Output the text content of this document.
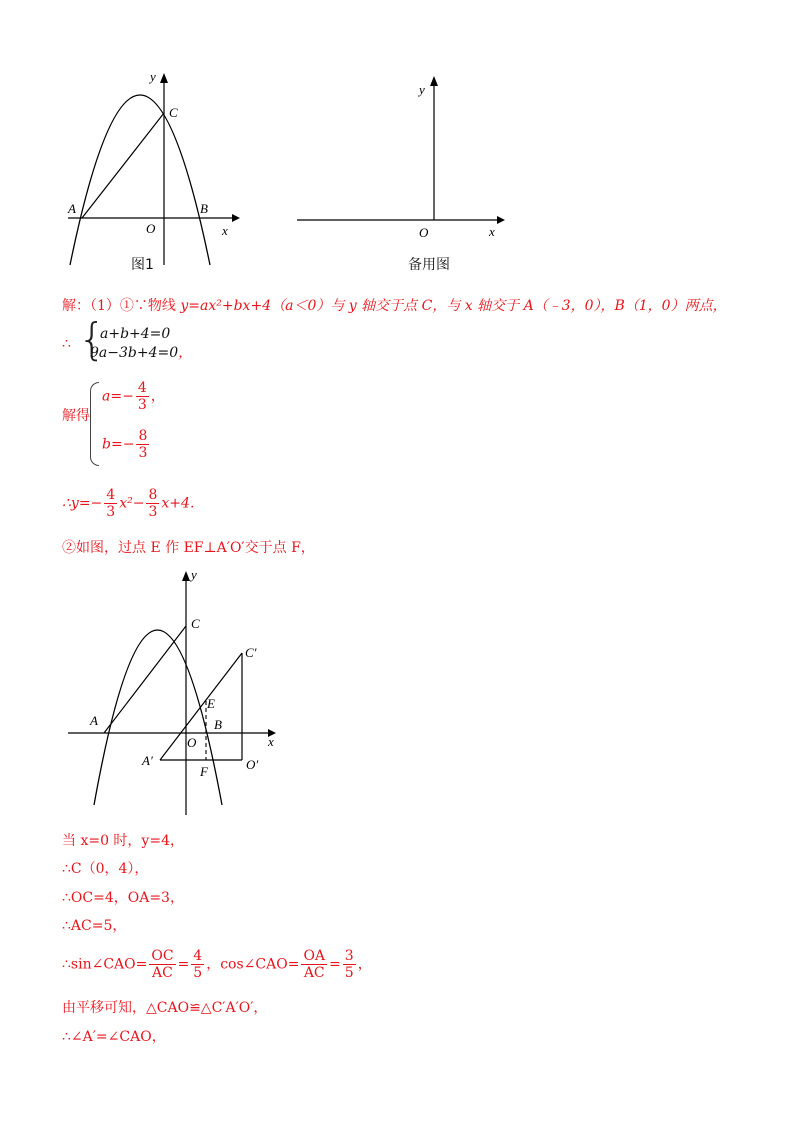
y
C
A	B
O	x
图1
y
O	x
备用图
解：（1）①∵物线 y=ax²+bx+4（a＜0）与 y 轴交于点 C，与 x 轴交于 A（﹣3，0），B（1，0）两点，
∴ {
a+b+4=0
9a−3b+4=0，
解得
$a=- \frac{4}{3}$ ，
$b=- \frac{8}{3}$
∴y=− $\frac{4}{3} x^2- \frac{8}{3} x+4$．
②如图，过点 E 作 EF⊥A′O′交于点 F，
y
C
C′
E
A	B
O	x
A′	O′
F
当 x=0 时，y=4，
∴C（0，4），
∴OC=4，OA=3，
∴AC=5，
∴sin∠CAO= $\frac{OC}{AC} = \frac{4}{5}$ ，cos∠CAO= $\frac{OA}{AC} = \frac{3}{5}$ ，
由平移可知，△CAO≌△C′A′O′，
∴∠A′=∠CAO，
